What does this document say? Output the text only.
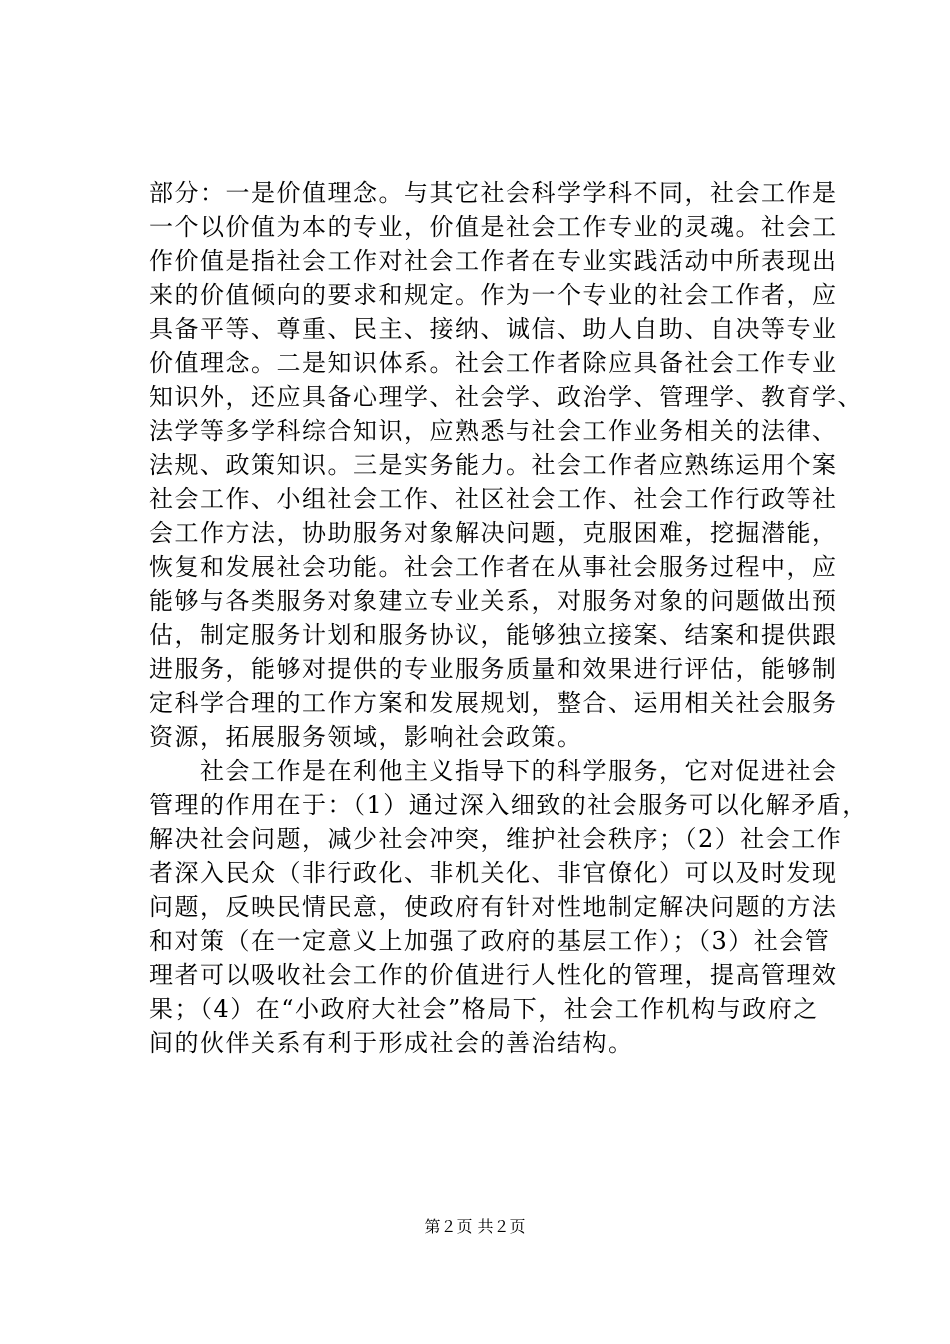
部分：一是价值理念。与其它社会科学学科不同，社会工作是
一个以价值为本的专业，价值是社会工作专业的灵魂。社会工
作价值是指社会工作对社会工作者在专业实践活动中所表现出
来的价值倾向的要求和规定。作为一个专业的社会工作者，应
具备平等、尊重、民主、接纳、诚信、助人自助、自决等专业
价值理念。二是知识体系。社会工作者除应具备社会工作专业
知识外，还应具备心理学、社会学、政治学、管理学、教育学、
法学等多学科综合知识，应熟悉与社会工作业务相关的法律、
法规、政策知识。三是实务能力。社会工作者应熟练运用个案
社会工作、小组社会工作、社区社会工作、社会工作行政等社
会工作方法，协助服务对象解决问题，克服困难，挖掘潜能，
恢复和发展社会功能。社会工作者在从事社会服务过程中，应
能够与各类服务对象建立专业关系，对服务对象的问题做出预
估，制定服务计划和服务协议，能够独立接案、结案和提供跟
进服务，能够对提供的专业服务质量和效果进行评估，能够制
定科学合理的工作方案和发展规划，整合、运用相关社会服务
资源，拓展服务领域，影响社会政策。
　　社会工作是在利他主义指导下的科学服务，它对促进社会
管理的作用在于：（1）通过深入细致的社会服务可以化解矛盾，
解决社会问题，减少社会冲突，维护社会秩序；（2）社会工作
者深入民众（非行政化、非机关化、非官僚化）可以及时发现
问题，反映民情民意，使政府有针对性地制定解决问题的方法
和对策（在一定意义上加强了政府的基层工作）；（3）社会管
理者可以吸收社会工作的价值进行人性化的管理，提高管理效
果；（4）在“小政府大社会”格局下，社会工作机构与政府之
间的伙伴关系有利于形成社会的善治结构。
第２页 共２页
